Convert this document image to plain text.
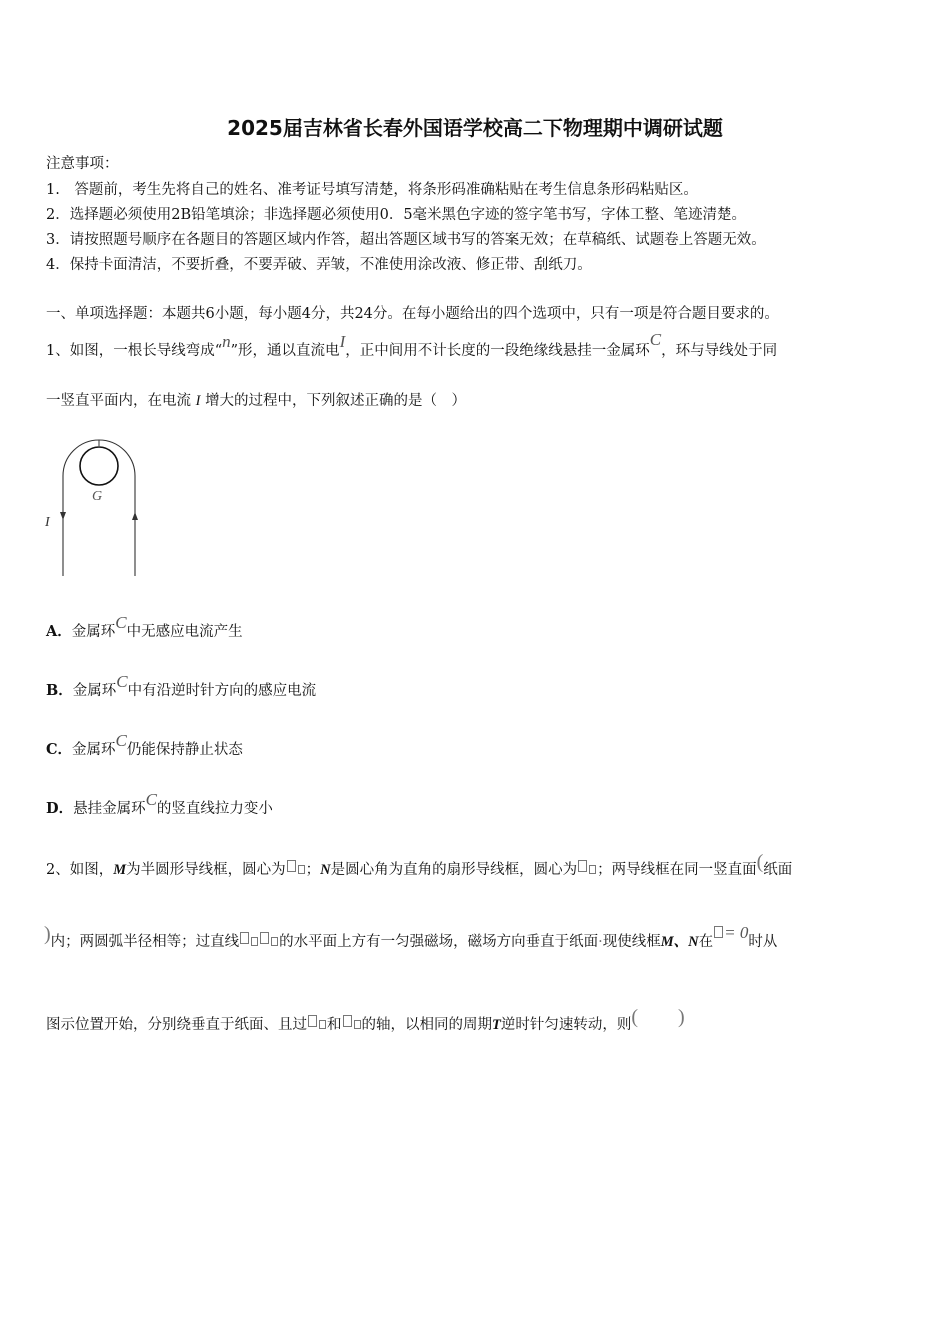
2025届吉林省长春外国语学校高二下物理期中调研试题
注意事项：
1.　答题前，考生先将自己的姓名、准考证号填写清楚，将条形码准确粘贴在考生信息条形码粘贴区。
2．选择题必须使用2B铅笔填涂；非选择题必须使用0．5毫米黑色字迹的签字笔书写，字体工整、笔迹清楚。
3．请按照题号顺序在各题目的答题区域内作答，超出答题区域书写的答案无效；在草稿纸、试题卷上答题无效。
4．保持卡面清洁，不要折叠，不要弄破、弄皱，不准使用涂改液、修正带、刮纸刀。
一、单项选择题：本题共6小题，每小题4分，共24分。在每小题给出的四个选项中，只有一项是符合题目要求的。
1、如图，一根长导线弯成“n”形，通以直流电I，正中间用不计长度的一段绝缘线悬挂一金属环C，环与导线处于同
一竖直平面内，在电流 I 增大的过程中，下列叙述正确的是（　）
G
I
A．金属环C中无感应电流产生
B．金属环C中有沿逆时针方向的感应电流
C．金属环C仍能保持静止状态
D．悬挂金属环C的竖直线拉力变小
2、如图，M为半圆形导线框，圆心为 ；N是圆心角为直角的扇形导线框，圆心为 ；两导线框在同一竖直面(纸面
)内；两圆弧半径相等；过直线	的水平面上方有一匀强磁场，磁场方向垂直于纸面·现使线框M、N在 = 0时从
图示位置开始，分别绕垂直于纸面、且过 和 的轴，以相同的周期T逆时针匀速转动，则(　　)
